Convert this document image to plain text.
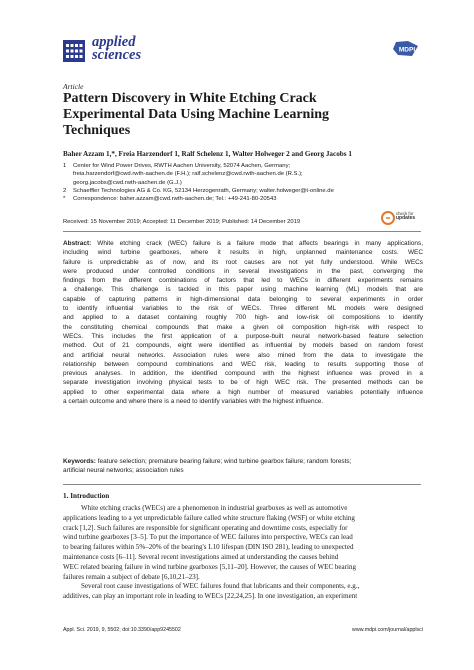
applied
sciences	MDPI
Article
Pattern Discovery in White Etching Crack Experimental Data Using Machine Learning Techniques
Baher Azzam 1,*, Freia Harzendorf 1, Ralf Schelenz 1, Walter Holweger 2 and Georg Jacobs 1
1	Center for Wind Power Drives, RWTH Aachen University, 52074 Aachen, Germany;
freia.harzendorf@cwd.rwth-aachen.de (F.H.); ralf.schelenz@cwd.rwth-aachen.de (R.S.);
georg.jacobs@cwd.rwth-aachen.de (G.J.)
2	Schaeffler Technologies AG & Co. KG, 52134 Herzogenrath, Germany; walter.holweger@t-online.de
*	Correspondence: baher.azzam@cwd.rwth-aachen.de; Tel.: +49-241-80-20543
Received: 15 November 2019; Accepted: 11 December 2019; Published: 14 December 2019
check for
updates
Abstract: White etching crack (WEC) failure is a failure mode that affects bearings in many applications,
including wind turbine gearboxes, where it results in high, unplanned maintenance costs. WEC
failure is unpredictable as of now, and its root causes are not yet fully understood. While WECs
were produced under controlled conditions in several investigations in the past, converging the
findings from the different combinations of factors that led to WECs in different experiments remains
a challenge. This challenge is tackled in this paper using machine learning (ML) models that are
capable of capturing patterns in high-dimensional data belonging to several experiments in order
to identify influential variables to the risk of WECs. Three different ML models were designed
and applied to a dataset containing roughly 700 high- and low-risk oil compositions to identify
the constituting chemical compounds that make a given oil composition high-risk with respect to
WECs. This includes the first application of a purpose-built neural network-based feature selection
method. Out of 21 compounds, eight were identified as influential by models based on random forest
and artificial neural networks. Association rules were also mined from the data to investigate the
relationship between compound combinations and WEC risk, leading to results supporting those of
previous analyses. In addition, the identified compound with the highest influence was proved in a
separate investigation involving physical tests to be of high WEC risk. The presented methods can be
applied to other experimental data where a high number of measured variables potentially influence
a certain outcome and where there is a need to identify variables with the highest influence.
Keywords: feature selection; premature bearing failure; wind turbine gearbox failure; random forests;
artificial neural networks; association rules
1. Introduction
White etching cracks (WECs) are a phenomenon in industrial gearboxes as well as automotive
applications leading to a yet unpredictable failure called white structure flaking (WSF) or white etching
crack [1,2]. Such failures are responsible for significant operating and downtime costs, especially for
wind turbine gearboxes [3–5]. To put the importance of WEC failures into perspective, WECs can lead
to bearing failures within 5%–20% of the bearing's L10 lifespan (DIN ISO 281), leading to unexpected
maintenance costs [6–11]. Several recent investigations aimed at understanding the causes behind
WEC related bearing failure in wind turbine gearboxes [5,11–20]. However, the causes of WEC bearing
failures remain a subject of debate [6,10,21–23].
Several root cause investigations of WEC failures found that lubricants and their components, e.g.,
additives, can play an important role in leading to WECs [22,24,25]. In one investigation, an experiment
Appl. Sci. 2019, 9, 5502; doi:10.3390/app9245502	www.mdpi.com/journal/applsci
